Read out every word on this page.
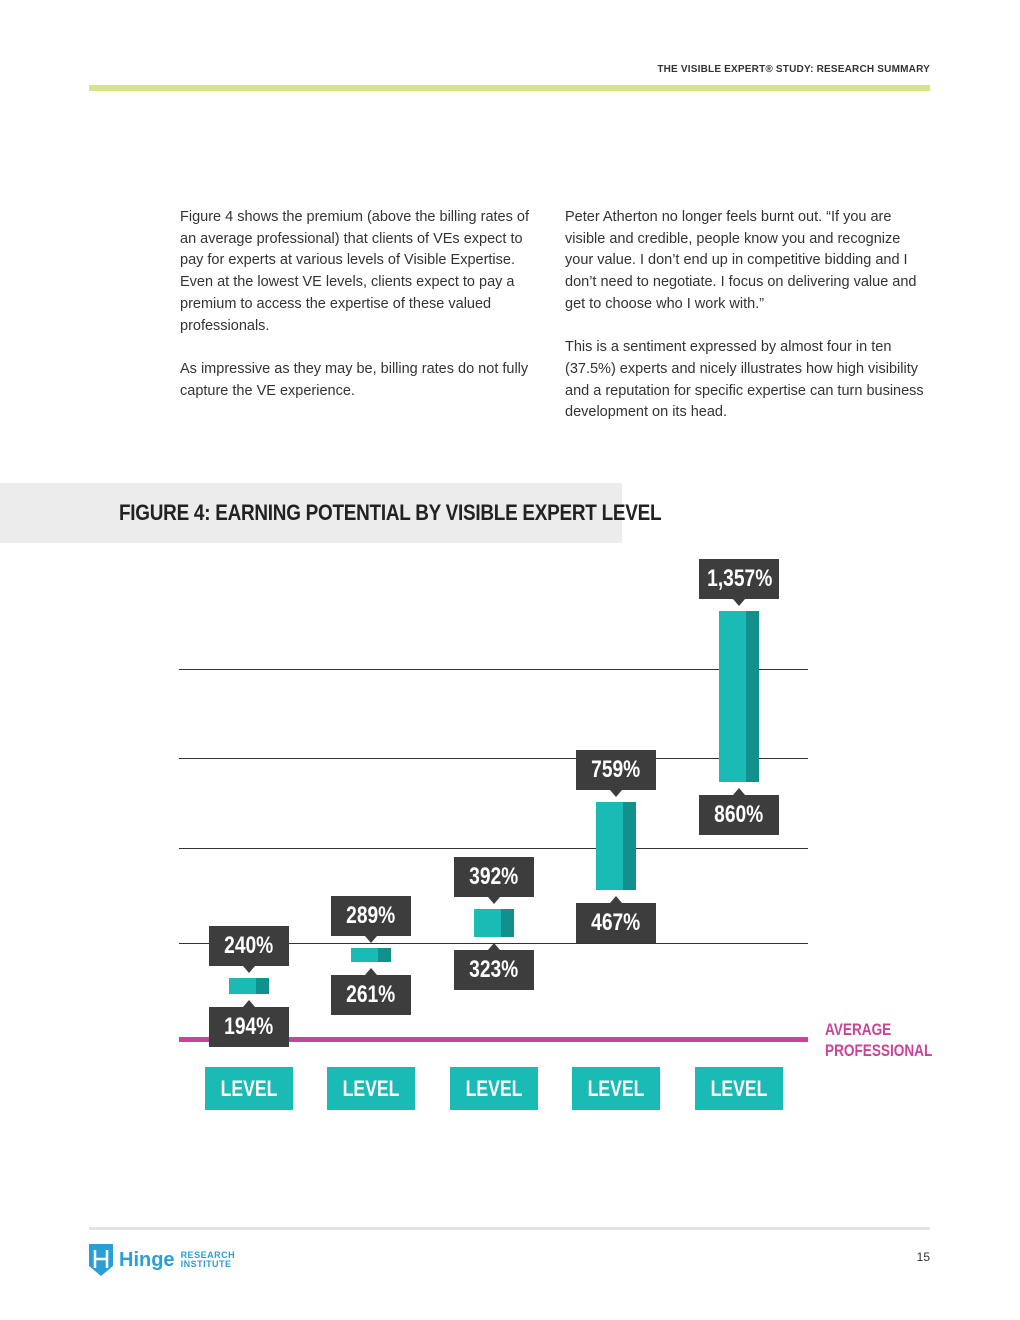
THE VISIBLE EXPERT® STUDY: RESEARCH SUMMARY

Figure 4 shows the premium (above the billing rates of an average professional) that clients of VEs expect to pay for experts at various levels of Visible Expertise. Even at the lowest VE levels, clients expect to pay a premium to access the expertise of these valued professionals.

As impressive as they may be, billing rates do not fully capture the VE experience.

Peter Atherton no longer feels burnt out. “If you are visible and credible, people know you and recognize your value. I don’t end up in competitive bidding and I don’t need to negotiate. I focus on delivering value and get to choose who I work with.”

This is a sentiment expressed by almost four in ten (37.5%) experts and nicely illustrates how high visibility and a reputation for specific expertise can turn business development on its head.

FIGURE 4: EARNING POTENTIAL BY VISIBLE EXPERT LEVEL
AVERAGE
PROFESSIONAL
240%
194%
LEVEL 1
289%
261%
LEVEL 2
392%
323%
LEVEL 3
759%
467%
LEVEL 4
1,357%
860%
LEVEL 5
Hinge RESEARCH
INSTITUTE	15
